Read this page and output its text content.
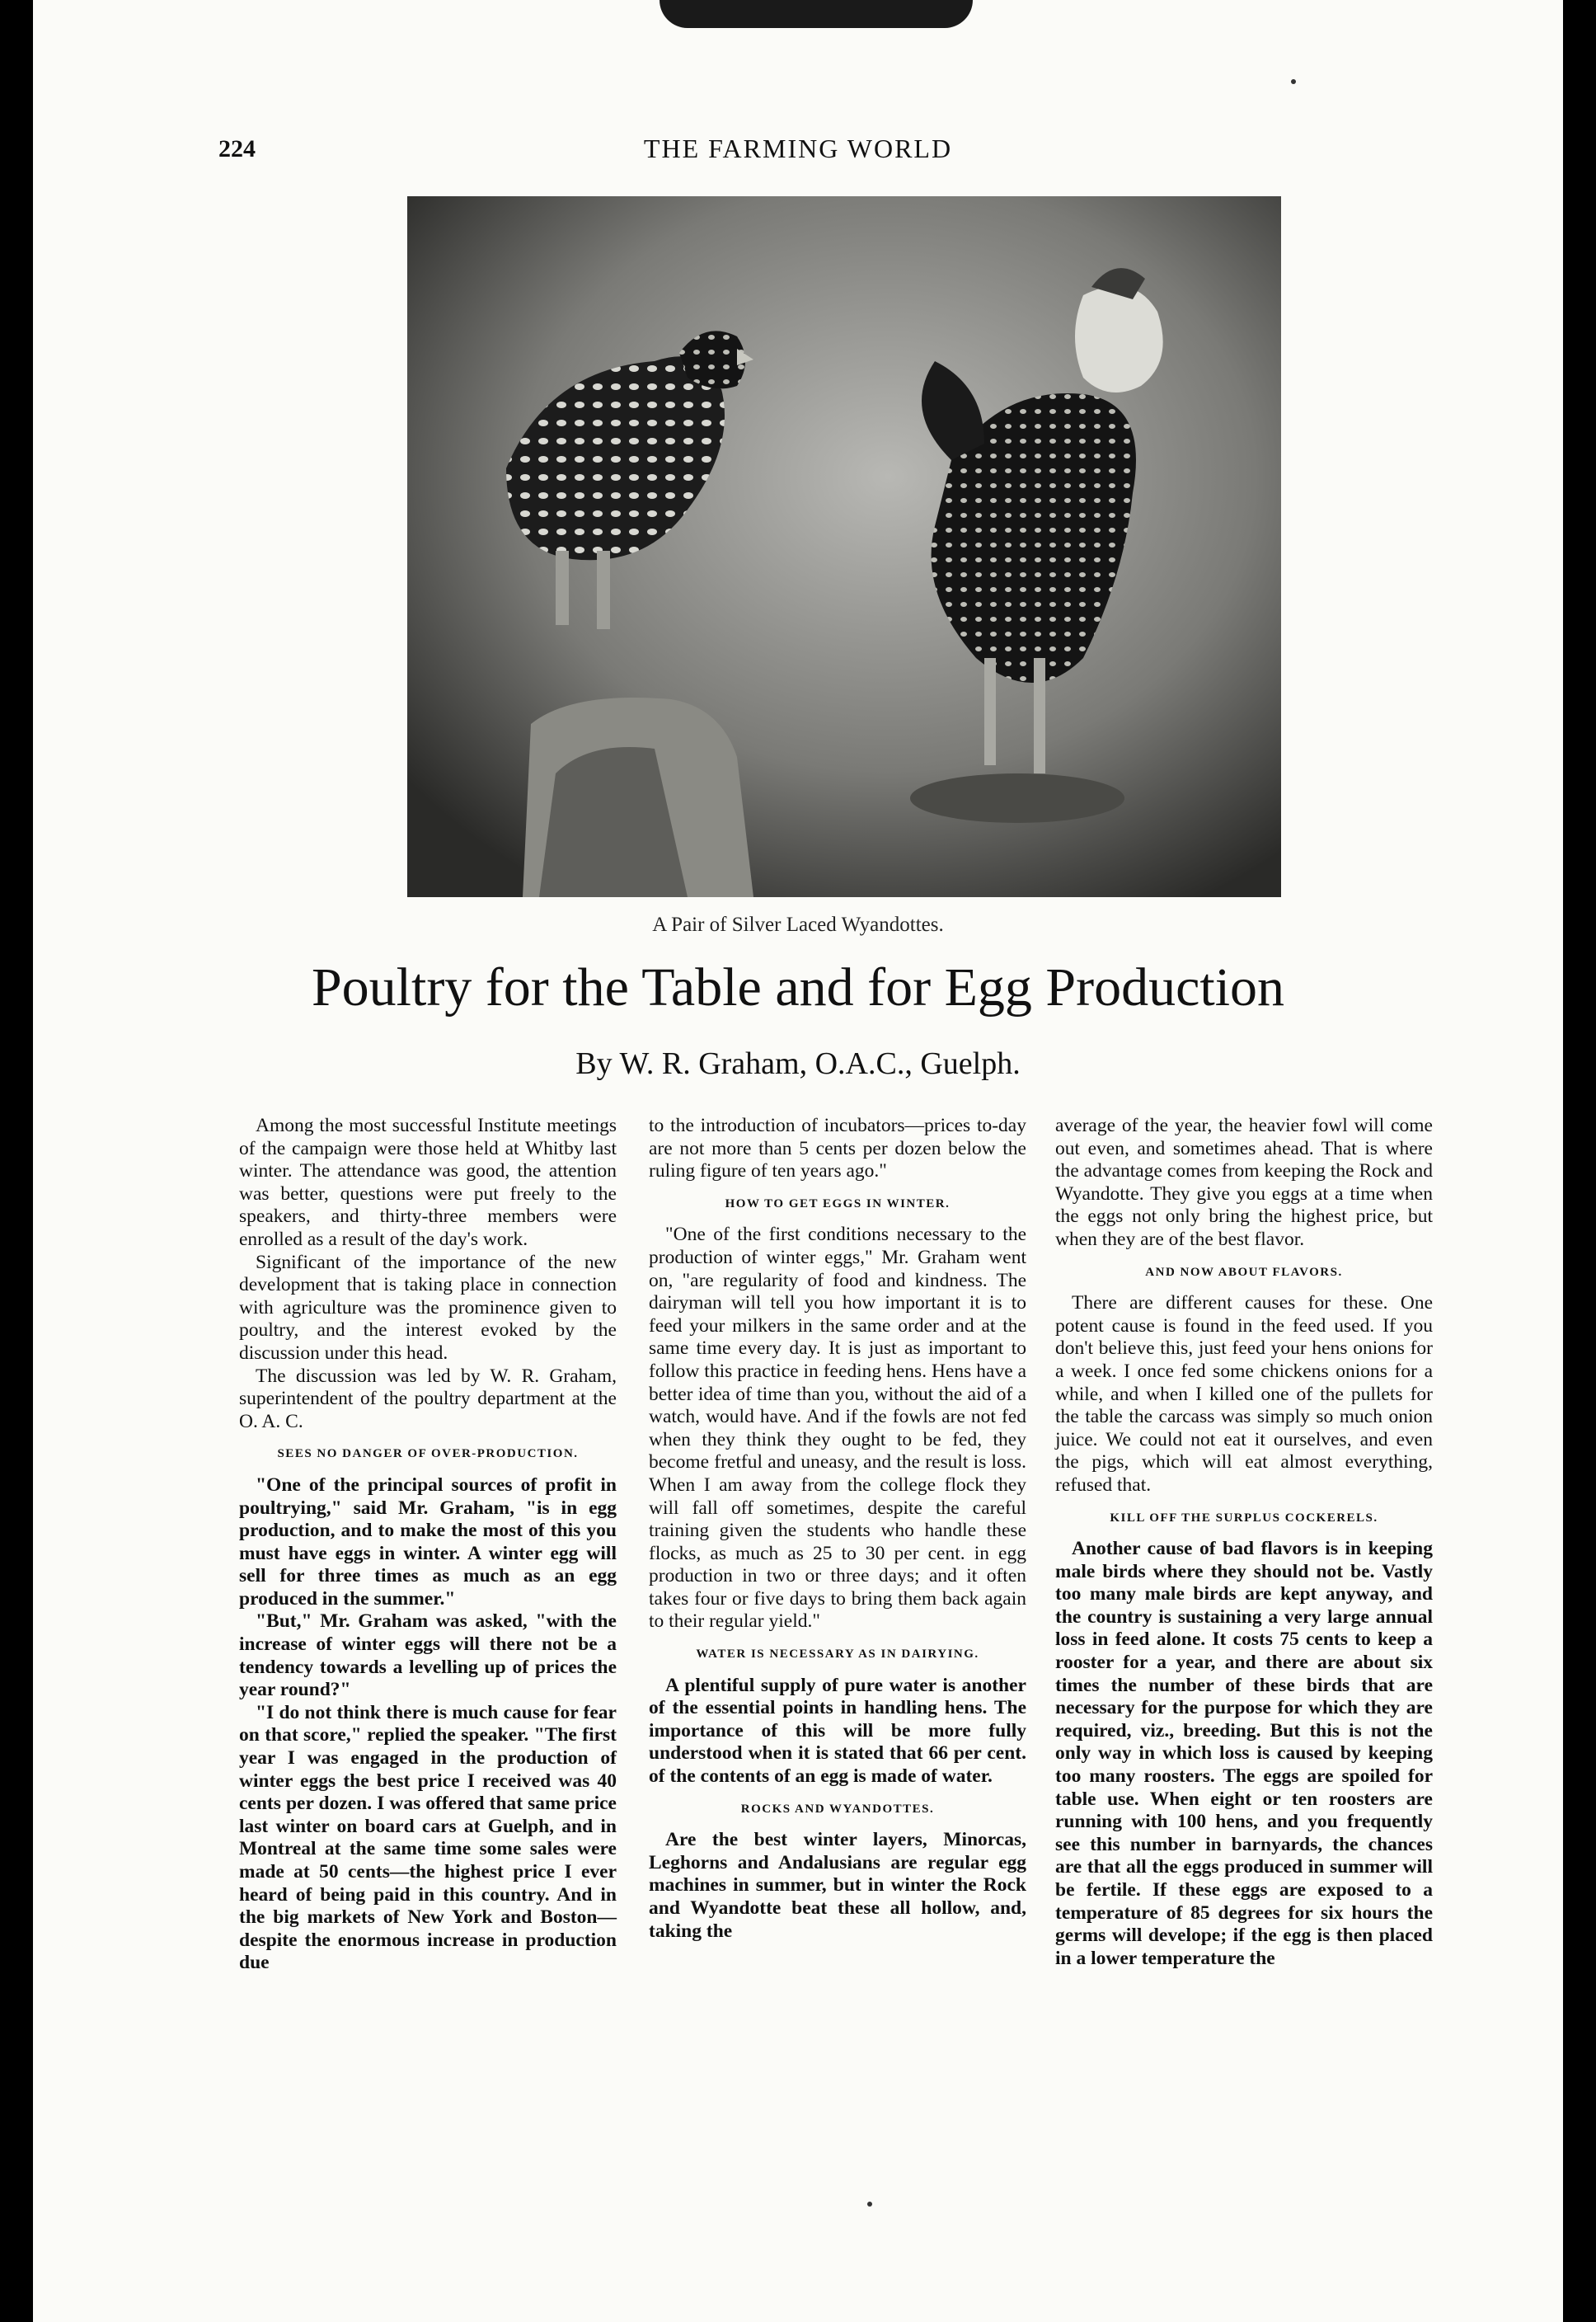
224	THE FARMING WORLD
A Pair of Silver Laced Wyandottes.
Poultry for the Table and for Egg Production
By W. R. Graham, O.A.C., Guelph.

Among the most successful Institute meetings of the campaign were those held at Whitby last winter. The attendance was good, the attention was better, questions were put freely to the speakers, and thirty-three members were enrolled as a result of the day's work.

Significant of the importance of the new development that is taking place in connection with agriculture was the prominence given to poultry, and the interest evoked by the discussion under this head.

The discussion was led by W. R. Graham, superintendent of the poultry department at the O. A. C.

SEES NO DANGER OF OVER-PRODUCTION.

"One of the principal sources of profit in poultrying," said Mr. Graham, "is in egg production, and to make the most of this you must have eggs in winter. A winter egg will sell for three times as much as an egg produced in the summer."

"But," Mr. Graham was asked, "with the increase of winter eggs will there not be a tendency towards a levelling up of prices the year round?"

"I do not think there is much cause for fear on that score," replied the speaker. "The first year I was engaged in the production of winter eggs the best price I received was 40 cents per dozen. I was offered that same price last winter on board cars at Guelph, and in Montreal at the same time some sales were made at 50 cents—the highest price I ever heard of being paid in this country. And in the big markets of New York and Boston—despite the enormous increase in production due

to the introduction of incubators—prices to-day are not more than 5 cents per dozen below the ruling figure of ten years ago."

HOW TO GET EGGS IN WINTER.

"One of the first conditions necessary to the production of winter eggs," Mr. Graham went on, "are regularity of food and kindness. The dairyman will tell you how important it is to feed your milkers in the same order and at the same time every day. It is just as important to follow this practice in feeding hens. Hens have a better idea of time than you, without the aid of a watch, would have. And if the fowls are not fed when they think they ought to be fed, they become fretful and uneasy, and the result is loss. When I am away from the college flock they will fall off sometimes, despite the careful training given the students who handle these flocks, as much as 25 to 30 per cent. in egg production in two or three days; and it often takes four or five days to bring them back again to their regular yield."

WATER IS NECESSARY AS IN DAIRYING.

A plentiful supply of pure water is another of the essential points in handling hens. The importance of this will be more fully understood when it is stated that 66 per cent. of the contents of an egg is made of water.

ROCKS AND WYANDOTTES.

Are the best winter layers, Minorcas, Leghorns and Andalusians are regular egg machines in summer, but in winter the Rock and Wyandotte beat these all hollow, and, taking the

average of the year, the heavier fowl will come out even, and sometimes ahead. That is where the advantage comes from keeping the Rock and Wyandotte. They give you eggs at a time when the eggs not only bring the highest price, but when they are of the best flavor.

AND NOW ABOUT FLAVORS.

There are different causes for these. One potent cause is found in the feed used. If you don't believe this, just feed your hens onions for a week. I once fed some chickens onions for a while, and when I killed one of the pullets for the table the carcass was simply so much onion juice. We could not eat it ourselves, and even the pigs, which will eat almost everything, refused that.

KILL OFF THE SURPLUS COCKERELS.

Another cause of bad flavors is in keeping male birds where they should not be. Vastly too many male birds are kept anyway, and the country is sustaining a very large annual loss in feed alone. It costs 75 cents to keep a rooster for a year, and there are about six times the number of these birds that are necessary for the purpose for which they are required, viz., breeding. But this is not the only way in which loss is caused by keeping too many roosters. The eggs are spoiled for table use. When eight or ten roosters are running with 100 hens, and you frequently see this number in barnyards, the chances are that all the eggs produced in summer will be fertile. If these eggs are exposed to a temperature of 85 degrees for six hours the germs will develope; if the egg is then placed in a lower temperature the
